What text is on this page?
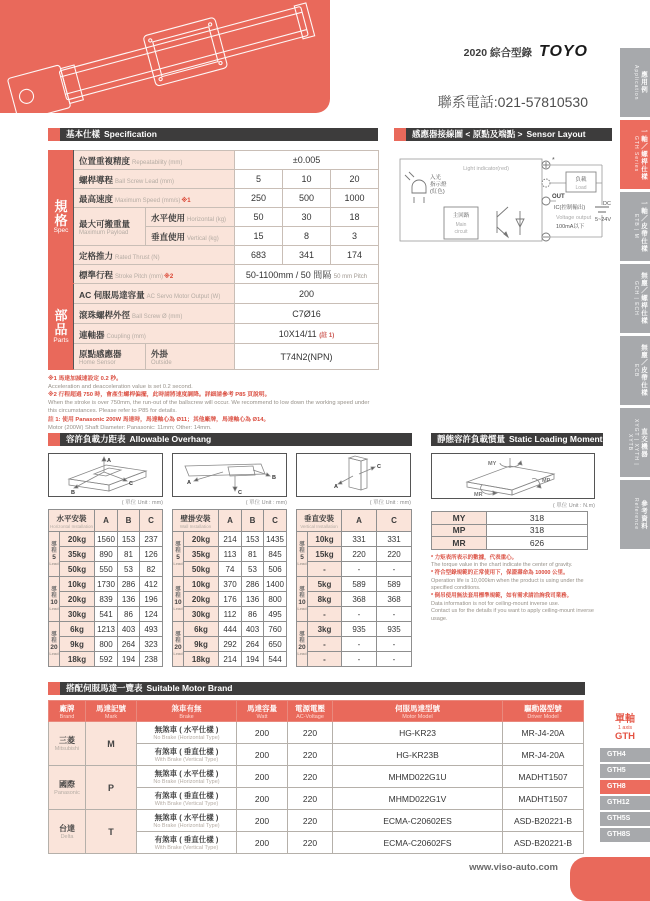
2020 綜合型錄 TOYO
聯系電話:021-57810530
應用例
Application
一軸／螺桿仕樣
GTH Series
一軸／皮帶仕樣
ETB | M
無塵／螺桿仕樣
GCH | ECH
無塵／皮帶仕樣
ECB
直交機器
XYGT | XYTH | XYTB
參考資料
Reference
基本仕樣 Specification
規格
Spec	位置重複精度 Repeatability (mm)		±0.005		
	螺桿導程 Ball Screw Lead (mm)		5	10	20
	最高速度 Maximum Speed (mm/s)※1		250	500	1000

	最大可搬重量
Maximum Payload	水平使用 Horizontal (kg)	50	30	18
		垂直使用 Vertical (kg)	15	8	3
	定格推力 Rated Thrust (N)		683	341	174
	標準行程 Stroke Pitch (mm)※2		50-1100mm / 50 間隔 50 mm Pitch		

部品
Parts	AC 伺服馬達容量 AC Servo Motor Output (W)		200		
	滾珠螺桿外徑 Ball Screw Ø (mm)		C7Ø16		
	連軸器 Coupling (mm)		10X14/11 (註 1)		

	原點感應器
Home Sensor	外掛
Outside	T74N2(NPN)		

※1 馬達加減速設定 0.2 秒。

Acceleration and deacceleration value is set 0.2 second.

※2 行程超過 750 時，會產生螺桿偏擺，此時請將速度調降。詳細請參考 P85 頁說明。

When the stroke is over 750mm, the run-out of the ballscrew will occur. We recommend to low down the working speed under this circumstances. Please refer to P85 for details.

註 1: 使用 Panasonic 200W 馬達時，馬達軸心為 Ø11；其他廠牌，馬達軸心為 Ø14。

Motor (200W) Shaft Diameter: Panasonic: 11mm; Other: 14mm.

感應器接線圖 < 原點及端點 > Sensor Layout
入光
指示燈
(紅色)
Light indicator(red)
主回路
Main
circuit
*
OUT
IC(控制輸出)
Voltage output
100mA以下
負載
Load
DC
5~24V
容許負載力距表 Allowable Overhang
A
B
C
( 單位 Unit : mm)
A
B
C
( 單位 Unit : mm)
A
C
( 單位 Unit : mm)
水平安裝
Horizontal Installation		A	B	C

導程
5
Lead	20kg	1560	153	237
	35kg	890	81	126
	50kg	550	53	82

導程
10
Lead	10kg	1730	286	412
	20kg	839	136	196
	30kg	541	86	124

導程
20
Lead	6kg	1213	403	493
	9kg	800	264	323
	18kg	592	194	238
壁掛安裝
Wall Installation		A	B	C

導程
5
Lead	20kg	214	153	1435
	35kg	113	81	845
	50kg	74	53	506

導程
10
Lead	10kg	370	286	1400
	20kg	176	136	800
	30kg	112	86	495

導程
20
Lead	6kg	444	403	760
	9kg	292	264	650
	18kg	214	194	544
垂直安裝
Vertical Installation		A	C

導程
5
Lead	10kg	331	331
	15kg	220	220
	-	-	-

導程
10
Lead	5kg	589	589
	8kg	368	368
	-	-	-

導程
20
Lead	3kg	935	935
	-	-	-
	-	-	-
靜態容許負載慣量 Static Loading Moment
MY
MP
MR
( 單位 Unit : N.m)
MY	318
MP	318
MR	626

* 力矩表所表示的數據，代表重心。

The torque value in the chart indicate the center of gravity.

* 符合型錄規範的正常使用下，保證壽命為 10000 公里。

Operation life is 10,000km when the product is using under the specified conditions.

* 倒吊使用無法套用標準規範，如有需求請洽詢我司業務。

Data information is not for ceiling-mount inverse use.

Contact us for the details if you want to apply ceiling-mount inverse usage.

搭配伺服馬達一覽表 Suitable Motor Brand
廠牌
Brand	馬達記號
Mark	煞車有無
Brake	馬達容量
Watt	電源電壓
AC-Voltage	伺服馬達型號
Motor Model	驅動器型號
Driver Model

三菱
Mitsubishi	M	無煞車 ( 水平仕樣 )
No Brake (Horizontal Type)	200	220	HG-KR23	MR-J4-20A

		有煞車 ( 垂直仕樣 )
With Brake (Vertical Type)	200	220	HG-KR23B	MR-J4-20A

國際
Panasonic	P	無煞車 ( 水平仕樣 )
No Brake (Horizontal Type)	200	220	MHMD022G1U	MADHT1507

		有煞車 ( 垂直仕樣 )
With Brake (Vertical Type)	200	220	MHMD022G1V	MADHT1507

台達
Delta	T	無煞車 ( 水平仕樣 )
No Brake (Horizontal Type)	200	220	ECMA-C20602ES	ASD-B20221-B

		有煞車 ( 垂直仕樣 )
With Brake (Vertical Type)	200	220	ECMA-C20602FS	ASD-B20221-B
單軸
1 axis
GTH
GTH4
GTH5
GTH8
GTH12
GTH5S
GTH8S
www.viso-auto.com
